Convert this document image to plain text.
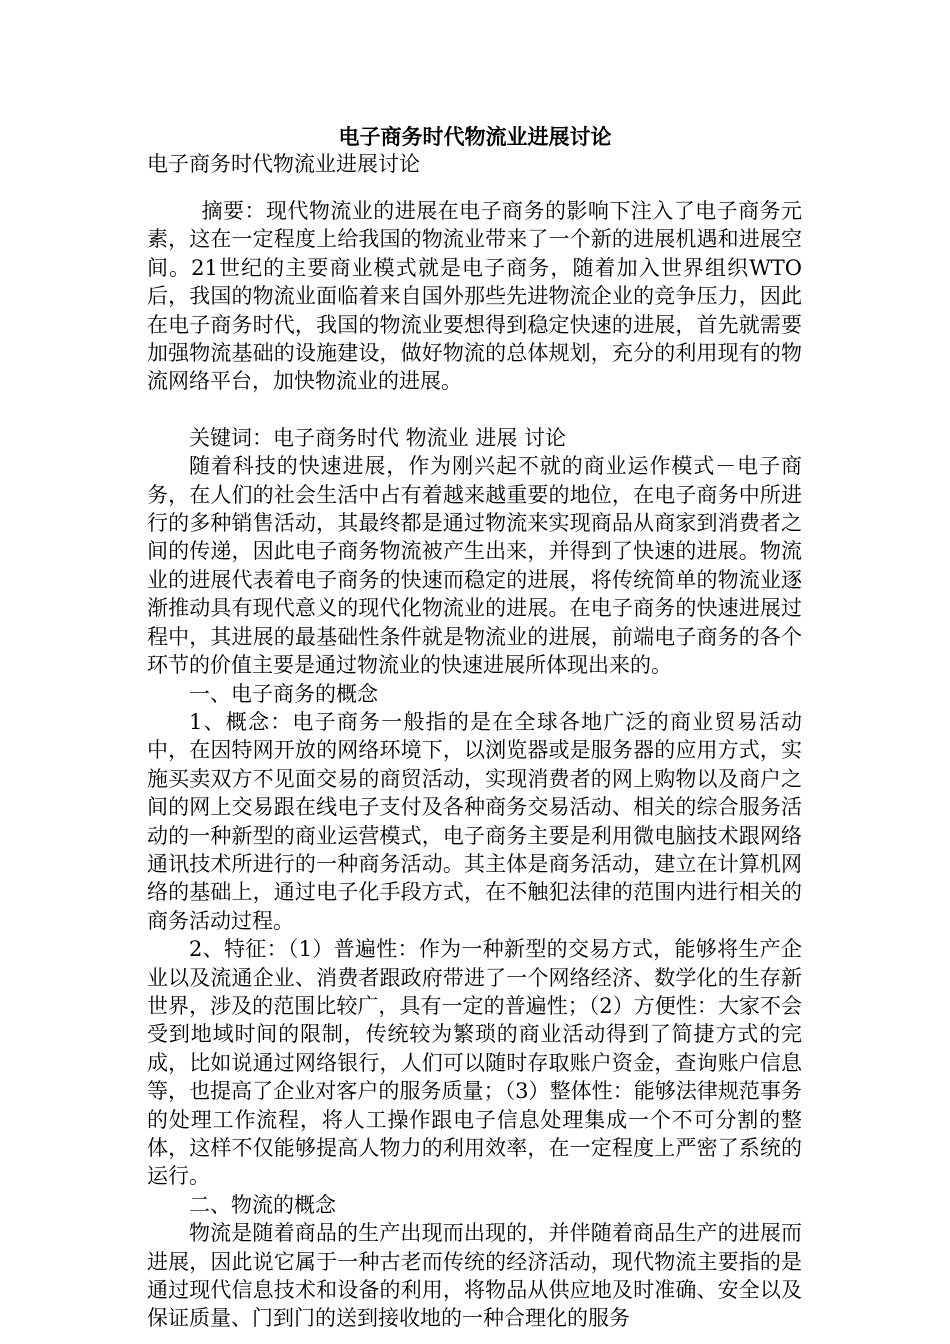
电子商务时代物流业进展讨论
电子商务时代物流业进展讨论

摘要：现代物流业的进展在电子商务的影响下注入了电子商务元素，这在一定程度上给我国的物流业带来了一个新的进展机遇和进展空间。21世纪的主要商业模式就是电子商务，随着加入世界组织WTO后，我国的物流业面临着来自国外那些先进物流企业的竞争压力，因此在电子商务时代，我国的物流业要想得到稳定快速的进展，首先就需要加强物流基础的设施建设，做好物流的总体规划，充分的利用现有的物流网络平台，加快物流业的进展。

关键词：电子商务时代 物流业 进展 讨论

随着科技的快速进展，作为刚兴起不就的商业运作模式－电子商务，在人们的社会生活中占有着越来越重要的地位，在电子商务中所进行的多种销售活动，其最终都是通过物流来实现商品从商家到消费者之间的传递，因此电子商务物流被产生出来，并得到了快速的进展。物流业的进展代表着电子商务的快速而稳定的进展，将传统简单的物流业逐渐推动具有现代意义的现代化物流业的进展。在电子商务的快速进展过程中，其进展的最基础性条件就是物流业的进展，前端电子商务的各个环节的价值主要是通过物流业的快速进展所体现出来的。

一、电子商务的概念

1、概念：电子商务一般指的是在全球各地广泛的商业贸易活动中，在因特网开放的网络环境下，以浏览器或是服务器的应用方式，实施买卖双方不见面交易的商贸活动，实现消费者的网上购物以及商户之间的网上交易跟在线电子支付及各种商务交易活动、相关的综合服务活动的一种新型的商业运营模式，电子商务主要是利用微电脑技术跟网络通讯技术所进行的一种商务活动。其主体是商务活动，建立在计算机网络的基础上，通过电子化手段方式，在不触犯法律的范围内进行相关的商务活动过程。

2、特征：（1）普遍性：作为一种新型的交易方式，能够将生产企业以及流通企业、消费者跟政府带进了一个网络经济、数学化的生存新世界，涉及的范围比较广，具有一定的普遍性；（2）方便性：大家不会受到地域时间的限制，传统较为繁琐的商业活动得到了简捷方式的完成，比如说通过网络银行，人们可以随时存取账户资金，查询账户信息等，也提高了企业对客户的服务质量；（3）整体性：能够法律规范事务的处理工作流程，将人工操作跟电子信息处理集成一个不可分割的整体，这样不仅能够提高人物力的利用效率，在一定程度上严密了系统的运行。

二、物流的概念

物流是随着商品的生产出现而出现的，并伴随着商品生产的进展而进展，因此说它属于一种古老而传统的经济活动，现代物流主要指的是通过现代信息技术和设备的利用，将物品从供应地及时准确、安全以及保证质量、门到门的送到接收地的一种合理化的服务
